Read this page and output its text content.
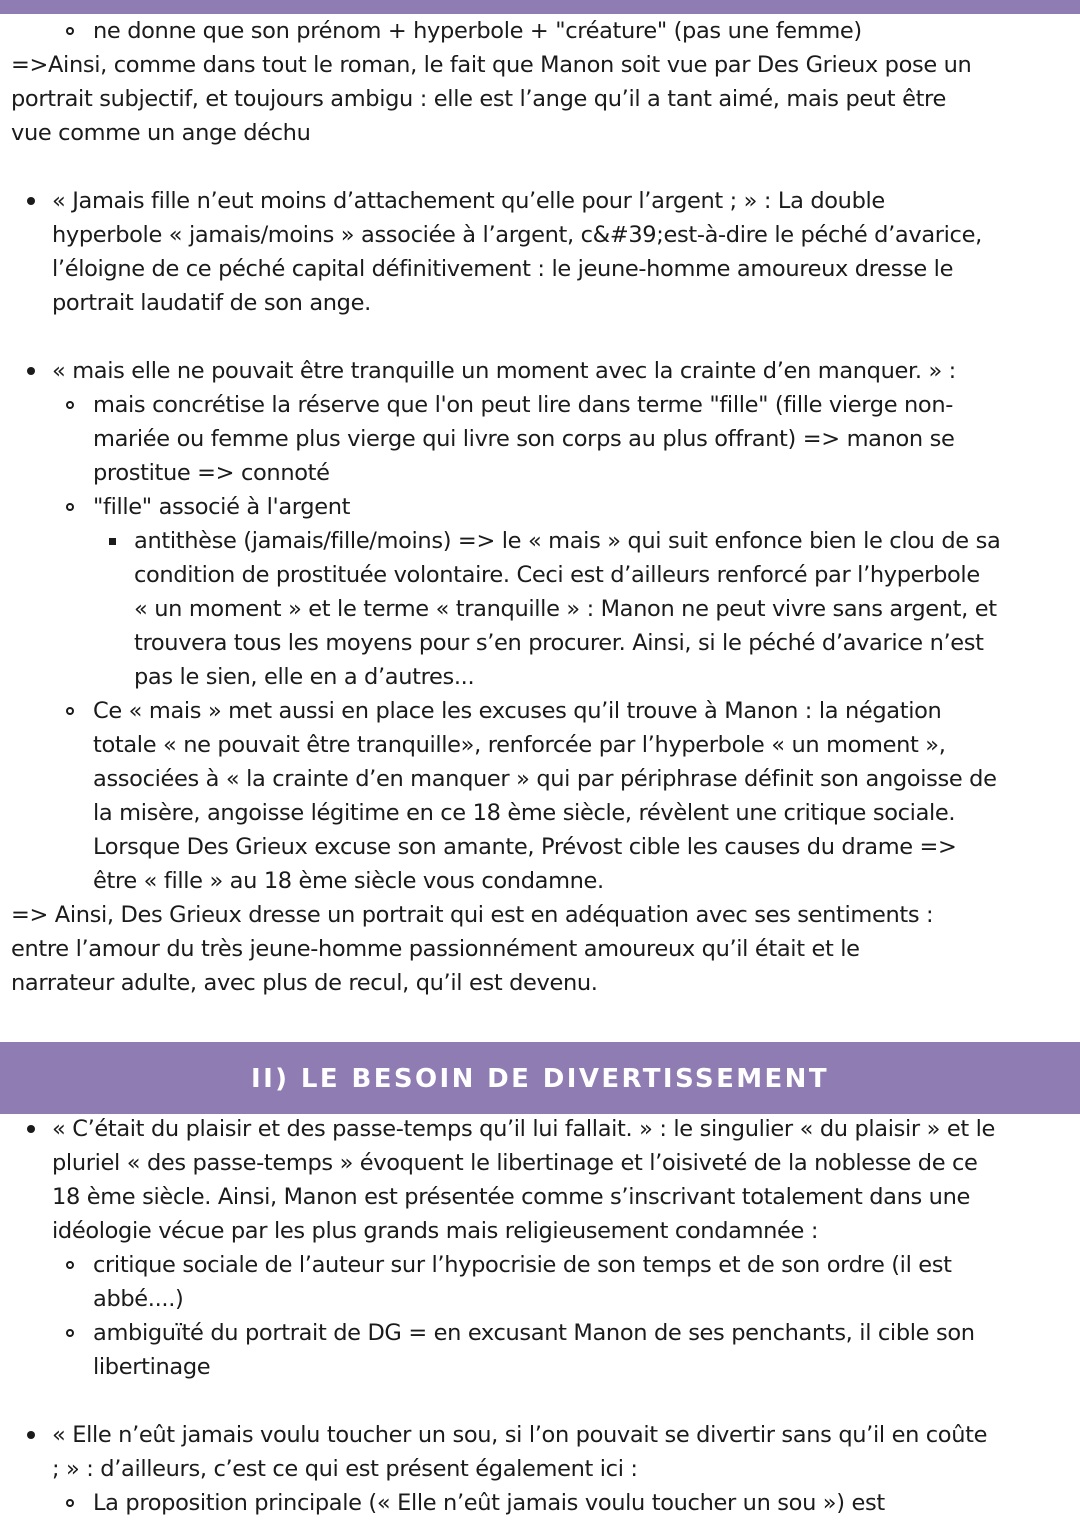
ne donne que son prénom + hyperbole + "créature" (pas une femme)
=>Ainsi, comme dans tout le roman, le fait que Manon soit vue par Des Grieux pose un
portrait subjectif, et toujours ambigu : elle est l’ange qu’il a tant aimé, mais peut être
vue comme un ange déchu
« Jamais fille n’eut moins d’attachement qu’elle pour l’argent ; » : La double
hyperbole « jamais/moins » associée à l’argent, c&#39;est-à-dire le péché d’avarice,
l’éloigne de ce péché capital définitivement : le jeune-homme amoureux dresse le
portrait laudatif de son ange.
« mais elle ne pouvait être tranquille un moment avec la crainte d’en manquer. » :
mais concrétise la réserve que l'on peut lire dans terme "fille" (fille vierge non-
mariée ou femme plus vierge qui livre son corps au plus offrant) => manon se
prostitue => connoté
"fille" associé à l'argent
antithèse (jamais/fille/moins) => le « mais » qui suit enfonce bien le clou de sa
condition de prostituée volontaire. Ceci est d’ailleurs renforcé par l’hyperbole
« un moment » et le terme « tranquille » : Manon ne peut vivre sans argent, et
trouvera tous les moyens pour s’en procurer. Ainsi, si le péché d’avarice n’est
pas le sien, elle en a d’autres...
Ce « mais » met aussi en place les excuses qu’il trouve à Manon : la négation
totale « ne pouvait être tranquille», renforcée par l’hyperbole « un moment »,
associées à « la crainte d’en manquer » qui par périphrase définit son angoisse de
la misère, angoisse légitime en ce 18 ème siècle, révèlent une critique sociale.
Lorsque Des Grieux excuse son amante, Prévost cible les causes du drame =>
être « fille » au 18 ème siècle vous condamne.
=> Ainsi, Des Grieux dresse un portrait qui est en adéquation avec ses sentiments :
entre l’amour du très jeune-homme passionnément amoureux qu’il était et le
narrateur adulte, avec plus de recul, qu’il est devenu.
II) LE BESOIN DE DIVERTISSEMENT
« C’était du plaisir et des passe-temps qu’il lui fallait. » : le singulier « du plaisir » et le
pluriel « des passe-temps » évoquent le libertinage et l’oisiveté de la noblesse de ce
18 ème siècle. Ainsi, Manon est présentée comme s’inscrivant totalement dans une
idéologie vécue par les plus grands mais religieusement condamnée :
critique sociale de l’auteur sur l’hypocrisie de son temps et de son ordre (il est
abbé....)
ambiguïté du portrait de DG = en excusant Manon de ses penchants, il cible son
libertinage
« Elle n’eût jamais voulu toucher un sou, si l’on pouvait se divertir sans qu’il en coûte
; » : d’ailleurs, c’est ce qui est présent également ici :
La proposition principale (« Elle n’eût jamais voulu toucher un sou ») est
